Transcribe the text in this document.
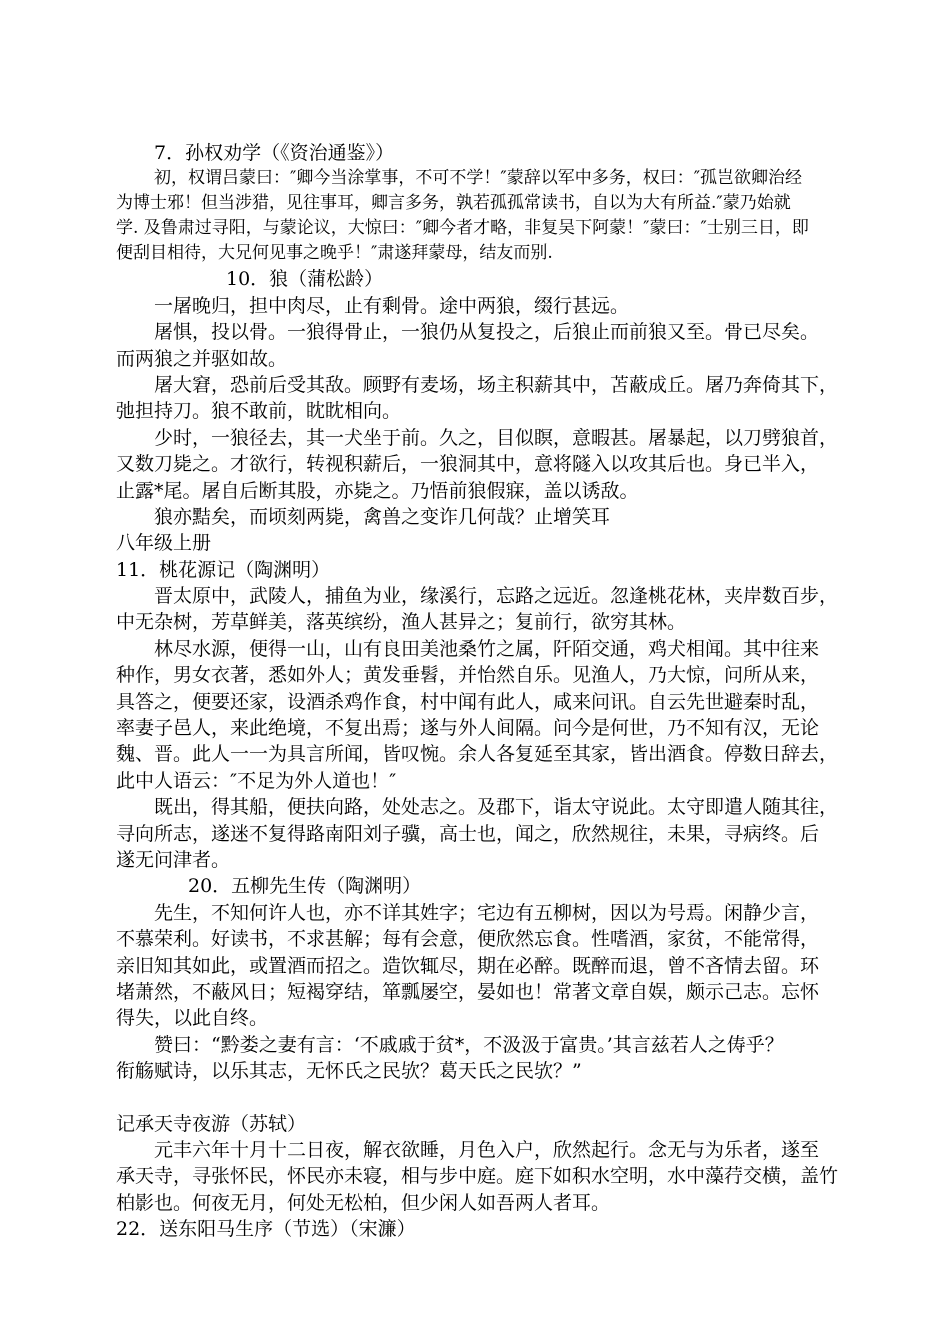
7．孙权劝学（《资治通鉴》）
初，权谓吕蒙曰：″卿今当涂掌事，不可不学！″蒙辞以军中多务，权曰：″孤岂欲卿治经
为博士邪！但当涉猎，见往事耳，卿言多务，孰若孤孤常读书，自以为大有所益.″蒙乃始就
学. 及鲁肃过寻阳，与蒙论议，大惊曰：″卿今者才略，非复吴下阿蒙！″蒙曰：″士别三日，即
便刮目相待，大兄何见事之晚乎！″肃遂拜蒙母，结友而别.
10．狼（蒲松龄）
一屠晚归，担中肉尽，止有剩骨。途中两狼，缀行甚远。
屠惧，投以骨。一狼得骨止，一狼仍从复投之，后狼止而前狼又至。骨已尽矣。
而两狼之并驱如故。
屠大窘，恐前后受其敌。顾野有麦场，场主积薪其中，苫蔽成丘。屠乃奔倚其下，
弛担持刀。狼不敢前，眈眈相向。
少时，一狼径去，其一犬坐于前。久之，目似瞑，意暇甚。屠暴起，以刀劈狼首，
又数刀毙之。才欲行，转视积薪后，一狼洞其中，意将隧入以攻其后也。身已半入，
止露*尾。屠自后断其股，亦毙之。乃悟前狼假寐，盖以诱敌。
狼亦黠矣，而顷刻两毙，禽兽之变诈几何哉？止增笑耳
八年级上册
11．桃花源记（陶渊明）
晋太原中，武陵人，捕鱼为业，缘溪行，忘路之远近。忽逢桃花林，夹岸数百步，
中无杂树，芳草鲜美，落英缤纷，渔人甚异之；复前行，欲穷其林。
林尽水源，便得一山，山有良田美池桑竹之属，阡陌交通，鸡犬相闻。其中往来
种作，男女衣著，悉如外人；黄发垂髫，并怡然自乐。见渔人，乃大惊，问所从来，
具答之，便要还家，设酒杀鸡作食，村中闻有此人，咸来问讯。自云先世避秦时乱，
率妻子邑人，来此绝境，不复出焉；遂与外人间隔。问今是何世，乃不知有汉，无论
魏、晋。此人一一为具言所闻，皆叹惋。余人各复延至其家，皆出酒食。停数日辞去，
此中人语云：″不足为外人道也！″
既出，得其船，便扶向路，处处志之。及郡下，诣太守说此。太守即遣人随其往，
寻向所志，遂迷不复得路南阳刘子骥，高士也，闻之，欣然规往，未果，寻病终。后
遂无问津者。
20．五柳先生传（陶渊明）
先生，不知何许人也，亦不详其姓字；宅边有五柳树，因以为号焉。闲静少言，
不慕荣利。好读书，不求甚解；每有会意，便欣然忘食。性嗜酒，家贫，不能常得，
亲旧知其如此，或置酒而招之。造饮辄尽，期在必醉。既醉而退，曾不吝情去留。环
堵萧然，不蔽风日；短褐穿结，箪瓢屡空，晏如也！常著文章自娱，颇示己志。忘怀
得失，以此自终。
赞曰：“黔娄之妻有言：‘不戚戚于贫*，不汲汲于富贵。’其言兹若人之俦乎？
衔觞赋诗，以乐其志，无怀氏之民欤？葛天氏之民欤？”
记承天寺夜游（苏轼）
元丰六年十月十二日夜，解衣欲睡，月色入户，欣然起行。念无与为乐者，遂至
承天寺，寻张怀民，怀民亦未寝，相与步中庭。庭下如积水空明，水中藻荇交横，盖竹
柏影也。何夜无月，何处无松柏，但少闲人如吾两人者耳。
22．送东阳马生序（节选）（宋濂）
